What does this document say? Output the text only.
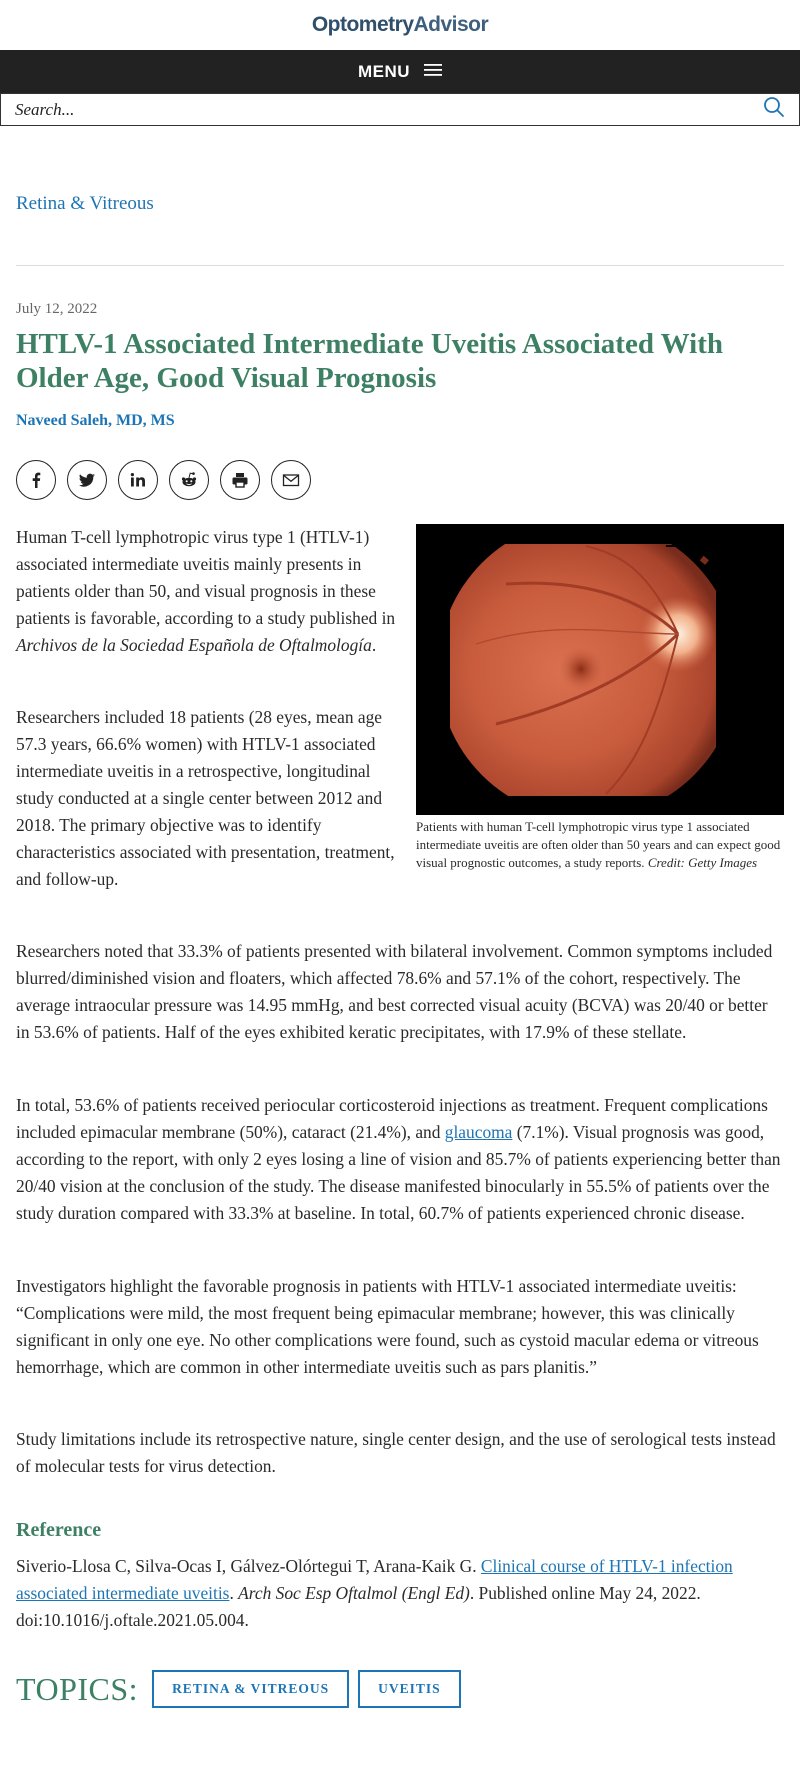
OptometryAdvisor
MENU
Search...
Retina & Vitreous
July 12, 2022
HTLV-1 Associated Intermediate Uveitis Associated With Older Age, Good Visual Prognosis
Naveed Saleh, MD, MS

Human T-cell lymphotropic virus type 1 (HTLV-1) associated intermediate uveitis mainly presents in patients older than 50, and visual prognosis in these patients is favorable, according to a study published in Archivos de la Sociedad Española de Oftalmología.

Researchers included 18 patients (28 eyes, mean age 57.3 years, 66.6% women) with HTLV-1 associated intermediate uveitis in a retrospective, longitudinal study conducted at a single center between 2012 and 2018. The primary objective was to identify characteristics associated with presentation, treatment, and follow-up.

Patients with human T-cell lymphotropic virus type 1 associated intermediate uveitis are often older than 50 years and can expect good visual prognostic outcomes, a study reports. Credit: Getty Images

Researchers noted that 33.3% of patients presented with bilateral involvement. Common symptoms included blurred/diminished vision and floaters, which affected 78.6% and 57.1% of the cohort, respectively. The average intraocular pressure was 14.95 mmHg, and best corrected visual acuity (BCVA) was 20/40 or better in 53.6% of patients. Half of the eyes exhibited keratic precipitates, with 17.9% of these stellate.

In total, 53.6% of patients received periocular corticosteroid injections as treatment. Frequent complications included epimacular membrane (50%), cataract (21.4%), and glaucoma (7.1%). Visual prognosis was good, according to the report, with only 2 eyes losing a line of vision and 85.7% of patients experiencing better than 20/40 vision at the conclusion of the study. The disease manifested binocularly in 55.5% of patients over the study duration compared with 33.3% at baseline. In total, 60.7% of patients experienced chronic disease.

Investigators highlight the favorable prognosis in patients with HTLV-1 associated intermediate uveitis: “Complications were mild, the most frequent being epimacular membrane; however, this was clinically significant in only one eye. No other complications were found, such as cystoid macular edema or vitreous hemorrhage, which are common in other intermediate uveitis such as pars planitis.”

Study limitations include its retrospective nature, single center design, and the use of serological tests instead of molecular tests for virus detection.

Reference

Siverio-Llosa C, Silva-Ocas I, Gálvez-Olórtegui T, Arana-Kaik G. Clinical course of HTLV-1 infection associated intermediate uveitis. Arch Soc Esp Oftalmol (Engl Ed). Published online May 24, 2022. doi:10.1016/j.oftale.2021.05.004.

TOPICS:	RETINA & VITREOUS	UVEITIS
